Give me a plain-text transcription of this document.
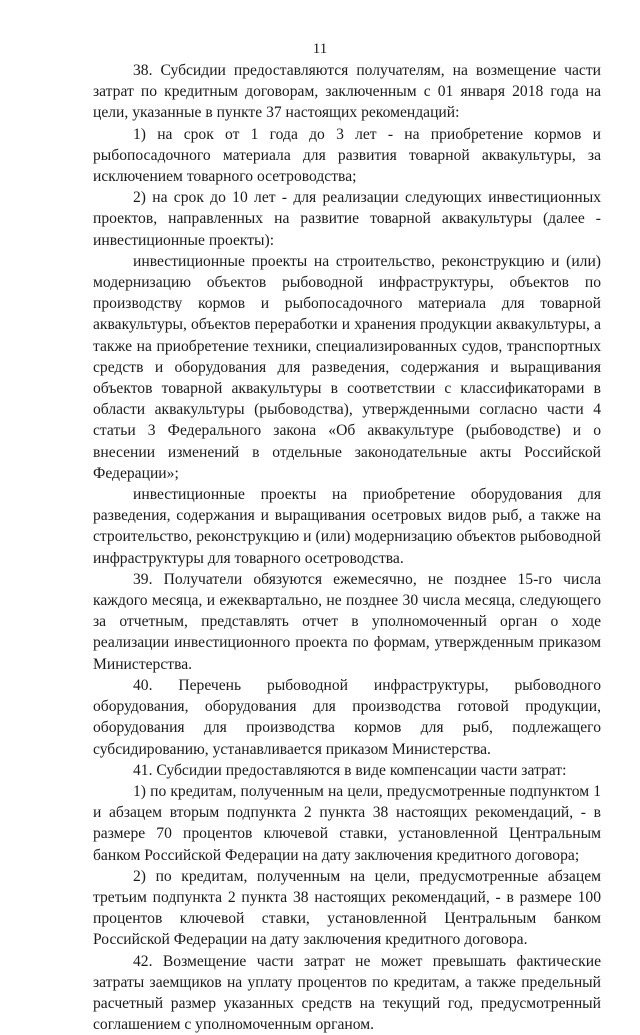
11

38. Субсидии предоставляются получателям, на возмещение части затрат по кредитным договорам, заключенным с 01 января 2018 года на цели, указанные в пункте 37 настоящих рекомендаций:

1) на срок от 1 года до 3 лет - на приобретение кормов и рыбопосадочного материала для развития товарной аквакультуры, за исключением товарного осетроводства;

2) на срок до 10 лет - для реализации следующих инвестиционных проектов, направленных на развитие товарной аквакультуры (далее - инвестиционные проекты):

инвестиционные проекты на строительство, реконструкцию и (или) модернизацию объектов рыбоводной инфраструктуры, объектов по производству кормов и рыбопосадочного материала для товарной аквакультуры, объектов переработки и хранения продукции аквакультуры, а также на приобретение техники, специализированных судов, транспортных средств и оборудования для разведения, содержания и выращивания объектов товарной аквакультуры в соответствии с классификаторами в области аквакультуры (рыбоводства), утвержденными согласно части 4 статьи 3 Федерального закона «Об аквакультуре (рыбоводстве) и о внесении изменений в отдельные законодательные акты Российской Федерации»;

инвестиционные проекты на приобретение оборудования для разведения, содержания и выращивания осетровых видов рыб, а также на строительство, реконструкцию и (или) модернизацию объектов рыбоводной инфраструктуры для товарного осетроводства.

39. Получатели обязуются ежемесячно, не позднее 15-го числа каждого месяца, и ежеквартально, не позднее 30 числа месяца, следующего за отчетным, представлять отчет в уполномоченный орган о ходе реализации инвестиционного проекта по формам, утвержденным приказом Министерства.

40. Перечень рыбоводной инфраструктуры, рыбоводного оборудования, оборудования для производства готовой продукции, оборудования для производства кормов для рыб, подлежащего субсидированию, устанавливается приказом Министерства.

41. Субсидии предоставляются в виде компенсации части затрат:

1) по кредитам, полученным на цели, предусмотренные подпунктом 1 и абзацем вторым подпункта 2 пункта 38 настоящих рекомендаций, - в размере 70 процентов ключевой ставки, установленной Центральным банком Российской Федерации на дату заключения кредитного договора;

2) по кредитам, полученным на цели, предусмотренные абзацем третьим подпункта 2 пункта 38 настоящих рекомендаций, - в размере 100 процентов ключевой ставки, установленной Центральным банком Российской Федерации на дату заключения кредитного договора.

42. Возмещение части затрат не может превышать фактические затраты заемщиков на уплату процентов по кредитам, а также предельный расчетный размер указанных средств на текущий год, предусмотренный соглашением с уполномоченным органом.
